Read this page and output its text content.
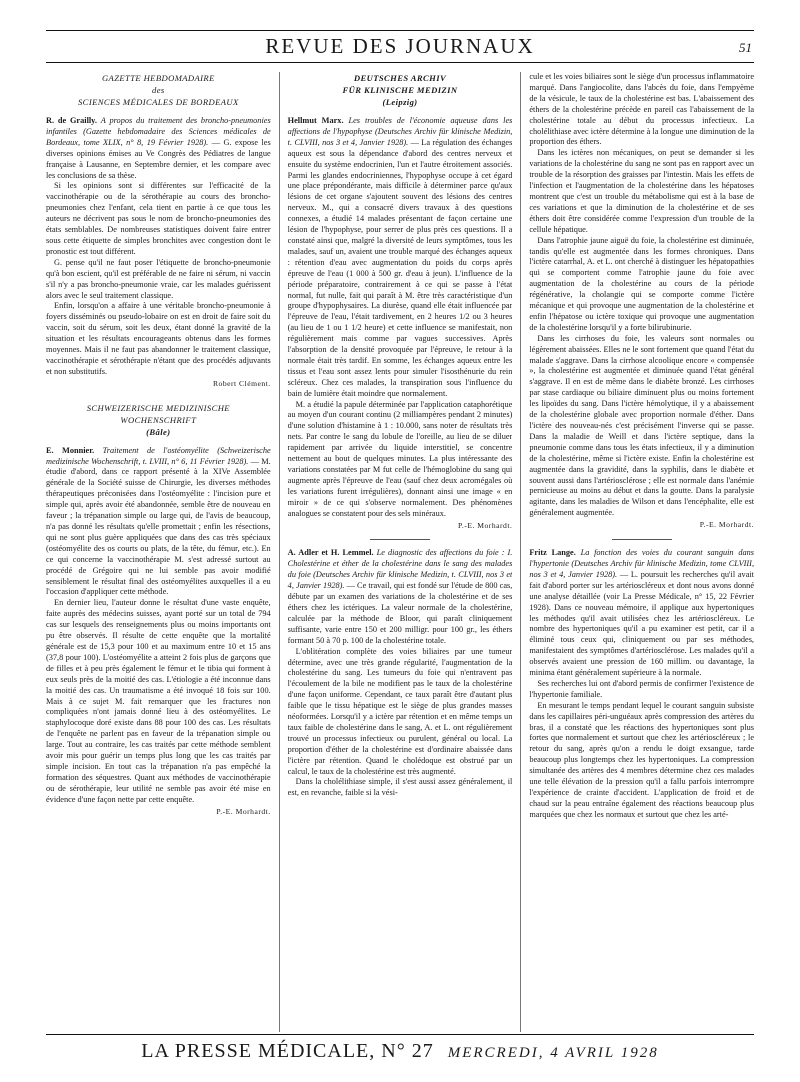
REVUE DES JOURNAUX	51
GAZETTE HEBDOMADAIRE
des
SCIENCES MÉDICALES DE BORDEAUX

R. de Grailly. A propos du traitement des broncho-pneumonies infantiles (Gazette hebdomadaire des Sciences médicales de Bordeaux, tome XLIX, n° 8, 19 Février 1928). — G. expose les diverses opinions émises au Ve Congrès des Pédiatres de langue française à Lausanne, en Septembre dernier, et les compare avec les conclusions de sa thèse.

Si les opinions sont si différentes sur l'efficacité de la vaccinothérapie ou de la sérothérapie au cours des broncho-pneumonies chez l'enfant, cela tient en partie à ce que tous les auteurs ne décrivent pas sous le nom de broncho-pneumonies des états semblables. De nombreuses statistiques doivent faire entrer sous cette étiquette de simples bronchites avec congestion dont le pronostic est tout différent.

G. pense qu'il ne faut poser l'étiquette de broncho-pneumonie qu'à bon escient, qu'il est préférable de ne faire ni sérum, ni vaccin s'il n'y a pas broncho-pneumonie vraie, car les malades guérissent alors avec le seul traitement classique.

Enfin, lorsqu'on a affaire à une véritable broncho-pneumonie à foyers disséminés ou pseudo-lobaire on est en droit de faire soit du vaccin, soit du sérum, soit les deux, étant donné la gravité de la situation et les résultats encourageants obtenus dans les formes moyennes. Mais il ne faut pas abandonner le traitement classique, vaccinothérapie et sérothérapie n'étant que des procédés adjuvants et non substitutifs.

Robert Clément.
SCHWEIZERISCHE MEDIZINISCHE
WOCHENSCHRIFT
(Bâle)

E. Monnier. Traitement de l'ostéomyélite (Schweizerische medizinische Wochenschrift, t. LVIII, n° 6, 11 Février 1928). — M. étudie d'abord, dans ce rapport présenté à la XIVe Assemblée générale de la Société suisse de Chirurgie, les diverses méthodes thérapeutiques préconisées dans l'ostéomyélite : l'incision pure et simple qui, après avoir été abandonnée, semble être de nouveau en faveur ; la trépanation simple ou large qui, de l'avis de beaucoup, n'a pas donné les résultats qu'elle promettait ; enfin les résections, qui ne sont plus guère appliquées que dans des cas très spéciaux (ostéomyélite des os courts ou plats, de la tête, du fémur, etc.). En ce qui concerne la vaccinothérapie M. s'est adressé surtout au procédé de Grégoire qui ne lui semble pas avoir modifié sensiblement le résultat final des ostéomyélites auxquelles il a eu l'occasion d'appliquer cette méthode.

En dernier lieu, l'auteur donne le résultat d'une vaste enquête, faite auprès des médecins suisses, ayant porté sur un total de 794 cas sur lesquels des renseignements plus ou moins importants ont pu être observés. Il résulte de cette enquête que la mortalité générale est de 15,3 pour 100 et au maximum entre 10 et 15 ans (37,8 pour 100). L'ostéomyélite a atteint 2 fois plus de garçons que de filles et à peu près également le fémur et le tibia qui forment à eux seuls près de la moitié des cas. L'étiologie a été inconnue dans la moitié des cas. Un traumatisme a été invoqué 18 fois sur 100. Mais à ce sujet M. fait remarquer que les fractures non compliquées n'ont jamais donné lieu à des ostéomyélites. Le staphylocoque doré existe dans 88 pour 100 des cas. Les résultats de l'enquête ne parlent pas en faveur de la trépanation simple ou large. Tout au contraire, les cas traités par cette méthode semblent avoir mis pour guérir un temps plus long que les cas traités par simple incision. En tout cas la trépanation n'a pas empêché la formation des séquestres. Quant aux méthodes de vaccinothérapie ou de sérothérapie, leur utilité ne semble pas avoir été mise en évidence d'une façon nette par cette enquête.

P.-E. Morhardt.
DEUTSCHES ARCHIV
FÜR KLINISCHE MEDIZIN
(Leipzig)

Hellmut Marx. Les troubles de l'économie aqueuse dans les affections de l'hypophyse (Deutsches Archiv für klinische Medizin, t. CLVIII, nos 3 et 4, Janvier 1928). — La régulation des échanges aqueux est sous la dépendance d'abord des centres nerveux et ensuite du système endocrinien, l'un et l'autre étroitement associés. Parmi les glandes endocriniennes, l'hypophyse occupe à cet égard une place prépondérante, mais difficile à déterminer parce qu'aux lésions de cet organe s'ajoutent souvent des lésions des centres nerveux. M., qui a consacré divers travaux à des questions connexes, a étudié 14 malades présentant de façon certaine une lésion de l'hypophyse, pour serrer de plus près ces questions. Il a constaté ainsi que, malgré la diversité de leurs symptômes, tous les malades, sauf un, avaient une trouble marqué des échanges aqueux : rétention d'eau avec augmentation du poids du corps après épreuve de l'eau (1 000 à 500 gr. d'eau à jeun). L'influence de la période préparatoire, contrairement à ce qui se passe à l'état normal, fut nulle, fait qui paraît à M. être très caractéristique d'un groupe d'hypophysaires. La diurèse, quand elle était influencée par l'épreuve de l'eau, l'était tardivement, en 2 heures 1/2 ou 3 heures (au lieu de 1 ou 1 1/2 heure) et cette influence se manifestait, non régulièrement mais comme par vagues successives. Après l'absorption de la densité provoquée par l'épreuve, le retour à la normale était très tardif. En somme, les échanges aqueux entre les tissus et l'eau sont assez lents pour simuler l'isosthénurie du rein scléreux. Chez ces malades, la transpiration sous l'influence du bain de lumière était moindre que normalement.

M. a étudié la papule déterminée par l'application cataphorétique au moyen d'un courant continu (2 milliampères pendant 2 minutes) d'une solution d'histamine à 1 : 10.000, sans noter de résultats très nets. Par contre le sang du lobule de l'oreille, au lieu de se diluer rapidement par arrivée du liquide interstitiel, se concentre nettement au bout de quelques minutes. La plus intéressante des variations constatées par M fut celle de l'hémoglobine du sang qui augmente après l'épreuve de l'eau (sauf chez deux acromégales où les variations furent irrégulières), donnant ainsi une image « en miroir » de ce qui s'observe normalement. Des phénomènes analogues se constatent pour des sels minéraux.

P.-E. Morhardt.

A. Adler et H. Lemmel. Le diagnostic des affections du foie : I. Cholestérine et éther de la cholestérine dans le sang des malades du foie (Deutsches Archiv für klinische Medizin, t. CLVIII, nos 3 et 4, Janvier 1928). — Ce travail, qui est fondé sur l'étude de 800 cas, débute par un examen des variations de la cholestérine et de ses éthers chez les ictériques. La valeur normale de la cholestérine, calculée par la méthode de Bloor, qui paraît cliniquement suffisante, varie entre 150 et 200 milligr. pour 100 gr., les éthers formant 50 à 70 p. 100 de la cholestérine totale.

L'oblitération complète des voies biliaires par une tumeur détermine, avec une très grande régularité, l'augmentation de la cholestérine du sang. Les tumeurs du foie qui n'entravent pas l'écoulement de la bile ne modifient pas le taux de la cholestérine d'une façon uniforme. Cependant, ce taux paraît être d'autant plus faible que le tissu hépatique est le siège de plus grandes masses néoformées. Lorsqu'il y a ictère par rétention et en même temps un taux faible de cholestérine dans le sang, A. et L. ont régulièrement trouvé un processus infectieux ou purulent, général ou local. La proportion d'éther de la cholestérine est d'ordinaire abaissée dans l'ictère par rétention. Quand le cholédoque est obstrué par un calcul, le taux de la cholestérine est très augmenté.

Dans la cholélithiase simple, il s'est aussi assez généralement, il est, en revanche, faible si la vési-

cule et les voies biliaires sont le siège d'un processus inflammatoire marqué. Dans l'angiocolite, dans l'abcès du foie, dans l'empyème de la vésicule, le taux de la cholestérine est bas. L'abaissement des éthers de la cholestérine précède en pareil cas l'abaissement de la cholestérine totale au début du processus infectieux. La cholélithiase avec ictère détermine à la longue une diminution de la proportion des éthers.

Dans les ictères non mécaniques, on peut se demander si les variations de la cholestérine du sang ne sont pas en rapport avec un trouble de la résorption des graisses par l'intestin. Mais les effets de l'infection et l'augmentation de la cholestérine dans les hépatoses montrent que c'est un trouble du métabolisme qui est à la base de ces variations et que la diminution de la cholestérine et de ses éthers doit être considérée comme l'expression d'un trouble de la cellule hépatique.

Dans l'atrophie jaune aiguë du foie, la cholestérine est diminuée, tandis qu'elle est augmentée dans les formes chroniques. Dans l'ictère catarrhal, A. et L. ont cherché à distinguer les hépatopathies qui se comportent comme l'atrophie jaune du foie avec augmentation de la cholestérine au cours de la période régénérative, la cholangie qui se comporte comme l'ictère mécanique et qui provoque une augmentation de la cholestérine et enfin l'hépatose ou ictère toxique qui provoque une augmentation de la cholestérine lorsqu'il y a forte bilirubinurie.

Dans les cirrhoses du foie, les valeurs sont normales ou légèrement abaissées. Elles ne le sont fortement que quand l'état du malade s'aggrave. Dans la cirrhose alcoolique encore « compensée », la cholestérine est augmentée et diminuée quand l'état général s'aggrave. Il en est de même dans le diabète bronzé. Les cirrhoses par stase cardiaque ou biliaire diminuent plus ou moins fortement les lipoïdes du sang. Dans l'ictère hémolytique, il y a abaissement de la cholestérine globale avec proportion normale d'éther. Dans l'ictère des nouveau-nés c'est précisément l'inverse qui se passe. Dans la maladie de Weill et dans l'ictère septique, dans la pneumonie comme dans tous les états infectieux, il y a diminution de la cholestérine, même si l'ictère existe. Enfin la cholestérine est augmentée dans la gravidité, dans la syphilis, dans le diabète et souvent aussi dans l'artériosclérose ; elle est normale dans l'anémie pernicieuse au moins au début et dans la goutte. Dans la paralysie agitante, dans les maladies de Wilson et dans l'encéphalite, elle est généralement augmentée.

P.-E. Morhardt.

Fritz Lange. La fonction des voies du courant sanguin dans l'hypertonie (Deutsches Archiv für klinische Medizin, tome CLVIII, nos 3 et 4, Janvier 1928). — L. poursuit les recherches qu'il avait fait d'abord porter sur les artérioscléreux et dont nous avons donné une analyse détaillée (voir La Presse Médicale, n° 15, 22 Février 1928). Dans ce nouveau mémoire, il applique aux hypertoniques les méthodes qu'il avait utilisées chez les artérioscléreux. Le nombre des hypertoniques qu'il a pu examiner est petit, car il a éliminé tous ceux qui, cliniquement ou par ses méthodes, manifestaient des symptômes d'artériosclérose. Les malades qu'il a observés avaient une pression de 160 millim. ou davantage, la minima étant généralement supérieure à la normale.

Ses recherches lui ont d'abord permis de confirmer l'existence de l'hypertonie familiale.

En mesurant le temps pendant lequel le courant sanguin subsiste dans les capillaires péri-unguéaux après compression des artères du bras, il a constaté que les réactions des hypertoniques sont plus fortes que normalement et surtout que chez les artérioscléreux ; le retour du sang, après qu'on a rendu le doigt exsangue, tarde beaucoup plus longtemps chez les hypertoniques. La compression simultanée des artères des 4 membres détermine chez ces malades une telle élévation de la pression qu'il a fallu parfois interrompre l'expérience de crainte d'accident. L'application de froid et de chaud sur la peau entraîne également des réactions beaucoup plus marquées que chez les normaux et surtout que chez les arté-

LA PRESSE MÉDICALE, N° 27 MERCREDI, 4 AVRIL 1928
